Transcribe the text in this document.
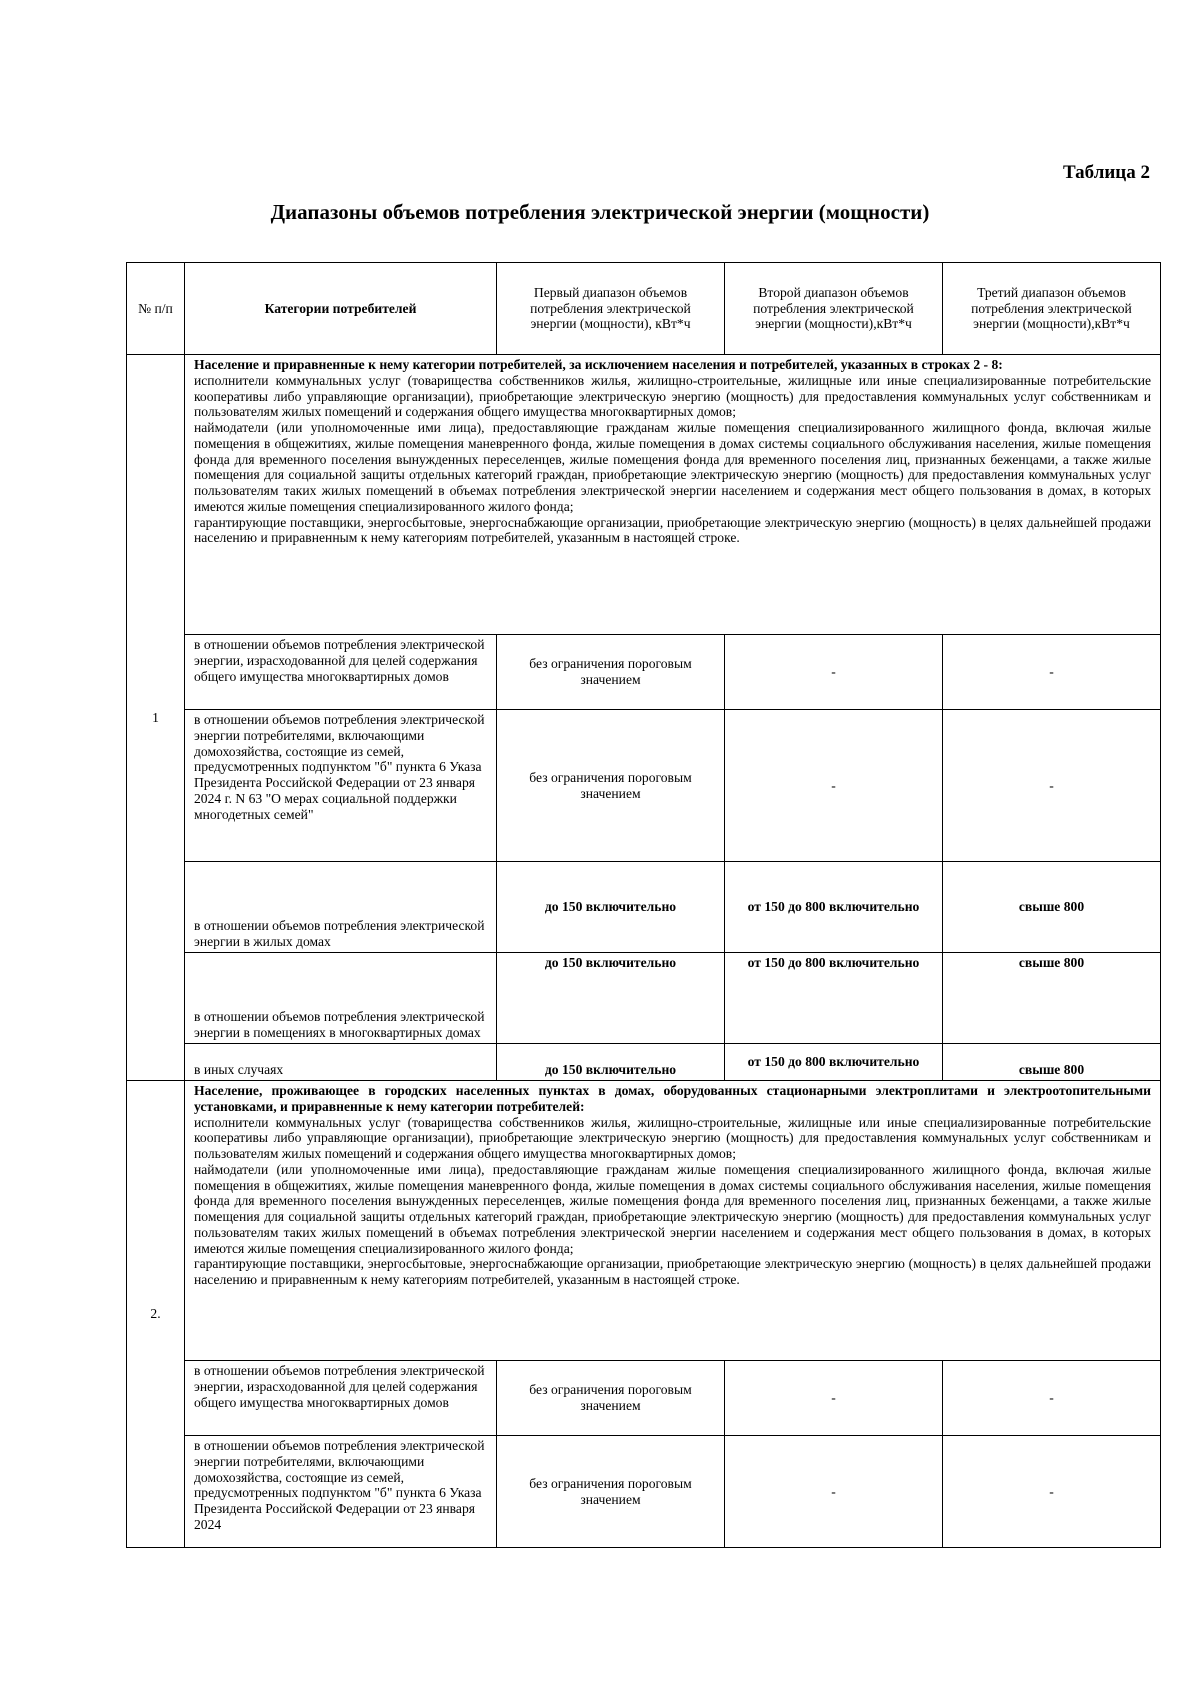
Таблица 2
Диапазоны объемов потребления электрической энергии (мощности)
№ п/п	Категории потребителей	Первый диапазон объемов потребления электрической энергии (мощности), кВт*ч	Второй диапазон объемов потребления электрической энергии (мощности),кВт*ч	Третий диапазон объемов потребления электрической энергии (мощности),кВт*ч
1	Население и приравненные к нему категории потребителей, за исключением населения и потребителей, указанных в строках 2 - 8:
исполнители коммунальных услуг (товарищества собственников жилья, жилищно-строительные, жилищные или иные специализированные потребительские кооперативы либо управляющие организации), приобретающие электрическую энергию (мощность) для предоставления коммунальных услуг собственникам и пользователям жилых помещений и содержания общего имущества многоквартирных домов;
наймодатели (или уполномоченные ими лица), предоставляющие гражданам жилые помещения специализированного жилищного фонда, включая жилые помещения в общежитиях, жилые помещения маневренного фонда, жилые помещения в домах системы социального обслуживания населения, жилые помещения фонда для временного поселения вынужденных переселенцев, жилые помещения фонда для временного поселения лиц, признанных беженцами, а также жилые помещения для социальной защиты отдельных категорий граждан, приобретающие электрическую энергию (мощность) для предоставления коммунальных услуг пользователям таких жилых помещений в объемах потребления электрической энергии населением и содержания мест общего пользования в домах, в которых имеются жилые помещения специализированного жилого фонда;
гарантирующие поставщики, энергосбытовые, энергоснабжающие организации, приобретающие электрическую энергию (мощность) в целях дальнейшей продажи населению и приравненным к нему категориям потребителей, указанным в настоящей строке.			

	в отношении объемов потребления электрической энергии, израсходованной для целей содержания общего имущества многоквартирных домов	без ограничения пороговым значением	-	-
	в отношении объемов потребления электрической энергии потребителями, включающими домохозяйства, состоящие из семей, предусмотренных подпунктом "б" пункта 6 Указа Президента Российской Федерации от 23 января 2024 г. N 63 "О мерах социальной поддержки многодетных семей"	без ограничения пороговым значением	-	-
	в отношении объемов потребления электрической энергии в жилых домах	до 150 включительно	от 150 до 800 включительно	свыше 800
	в отношении объемов потребления электрической энергии в помещениях в многоквартирных домах	до 150 включительно	от 150 до 800 включительно	свыше 800
	в иных случаях	до 150 включительно	от 150 до 800 включительно	свыше 800
2.	Население, проживающее в городских населенных пунктах в домах, оборудованных стационарными электроплитами и электроотопительными установками, и приравненные к нему категории потребителей:
исполнители коммунальных услуг (товарищества собственников жилья, жилищно-строительные, жилищные или иные специализированные потребительские кооперативы либо управляющие организации), приобретающие электрическую энергию (мощность) для предоставления коммунальных услуг собственникам и пользователям жилых помещений и содержания общего имущества многоквартирных домов;
наймодатели (или уполномоченные ими лица), предоставляющие гражданам жилые помещения специализированного жилищного фонда, включая жилые помещения в общежитиях, жилые помещения маневренного фонда, жилые помещения в домах системы социального обслуживания населения, жилые помещения фонда для временного поселения вынужденных переселенцев, жилые помещения фонда для временного поселения лиц, признанных беженцами, а также жилые помещения для социальной защиты отдельных категорий граждан, приобретающие электрическую энергию (мощность) для предоставления коммунальных услуг пользователям таких жилых помещений в объемах потребления электрической энергии населением и содержания мест общего пользования в домах, в которых имеются жилые помещения специализированного жилого фонда;
гарантирующие поставщики, энергосбытовые, энергоснабжающие организации, приобретающие электрическую энергию (мощность) в целях дальнейшей продажи населению и приравненным к нему категориям потребителей, указанным в настоящей строке.			

	в отношении объемов потребления электрической энергии, израсходованной для целей содержания общего имущества многоквартирных домов	без ограничения пороговым значением	-	-
	в отношении объемов потребления электрической энергии потребителями, включающими домохозяйства, состоящие из семей, предусмотренных подпунктом "б" пункта 6 Указа Президента Российской Федерации от 23 января 2024	без ограничения пороговым значением	-	-
